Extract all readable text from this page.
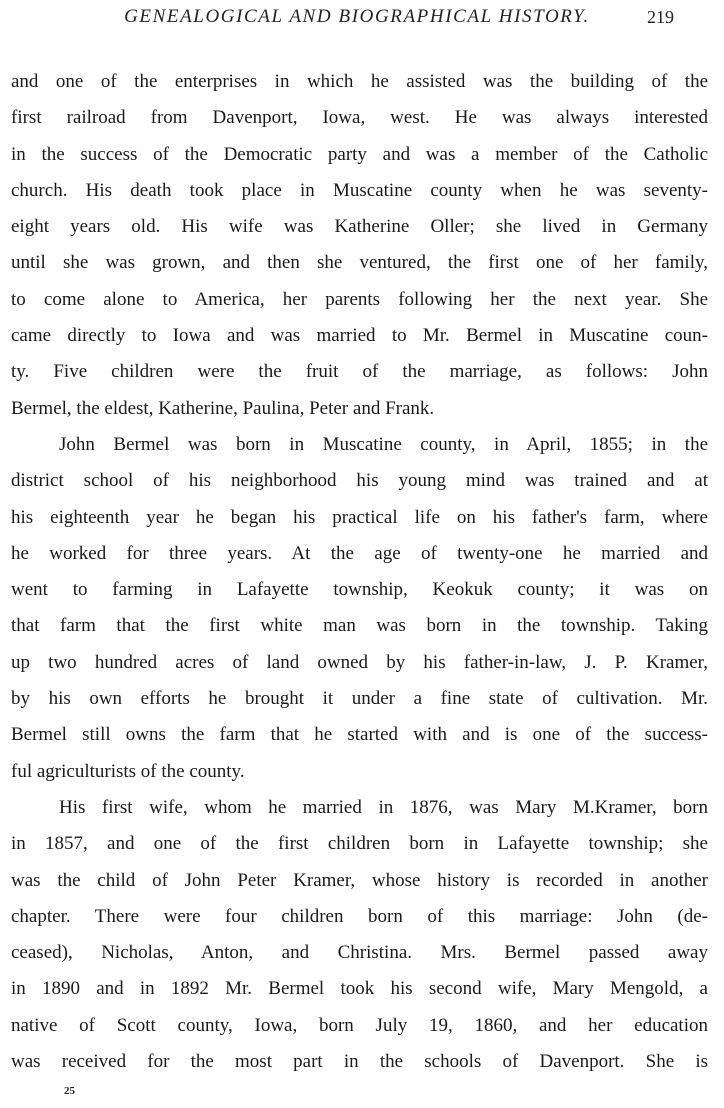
GENEALOGICAL AND BIOGRAPHICAL HISTORY.	219
and one of the enterprises in which he assisted was the building of the
first railroad from Davenport, Iowa, west. He was always interested
in the success of the Democratic party and was a member of the Catholic
church. His death took place in Muscatine county when he was seventy-
eight years old. His wife was Katherine Oller; she lived in Germany
until she was grown, and then she ventured, the first one of her family,
to come alone to America, her parents following her the next year. She
came directly to Iowa and was married to Mr. Bermel in Muscatine coun-
ty. Five children were the fruit of the marriage, as follows: John
Bermel, the eldest, Katherine, Paulina, Peter and Frank.
John Bermel was born in Muscatine county, in April, 1855; in the
district school of his neighborhood his young mind was trained and at
his eighteenth year he began his practical life on his father's farm, where
he worked for three years. At the age of twenty-one he married and
went to farming in Lafayette township, Keokuk county; it was on
that farm that the first white man was born in the township. Taking
up two hundred acres of land owned by his father-in-law, J. P. Kramer,
by his own efforts he brought it under a fine state of cultivation. Mr.
Bermel still owns the farm that he started with and is one of the success-
ful agriculturists of the county.
His first wife, whom he married in 1876, was Mary M.Kramer, born
in 1857, and one of the first children born in Lafayette township; she
was the child of John Peter Kramer, whose history is recorded in another
chapter. There were four children born of this marriage: John (de-
ceased), Nicholas, Anton, and Christina. Mrs. Bermel passed away
in 1890 and in 1892 Mr. Bermel took his second wife, Mary Mengold, a
native of Scott county, Iowa, born July 19, 1860, and her education
was received for the most part in the schools of Davenport. She is
25
